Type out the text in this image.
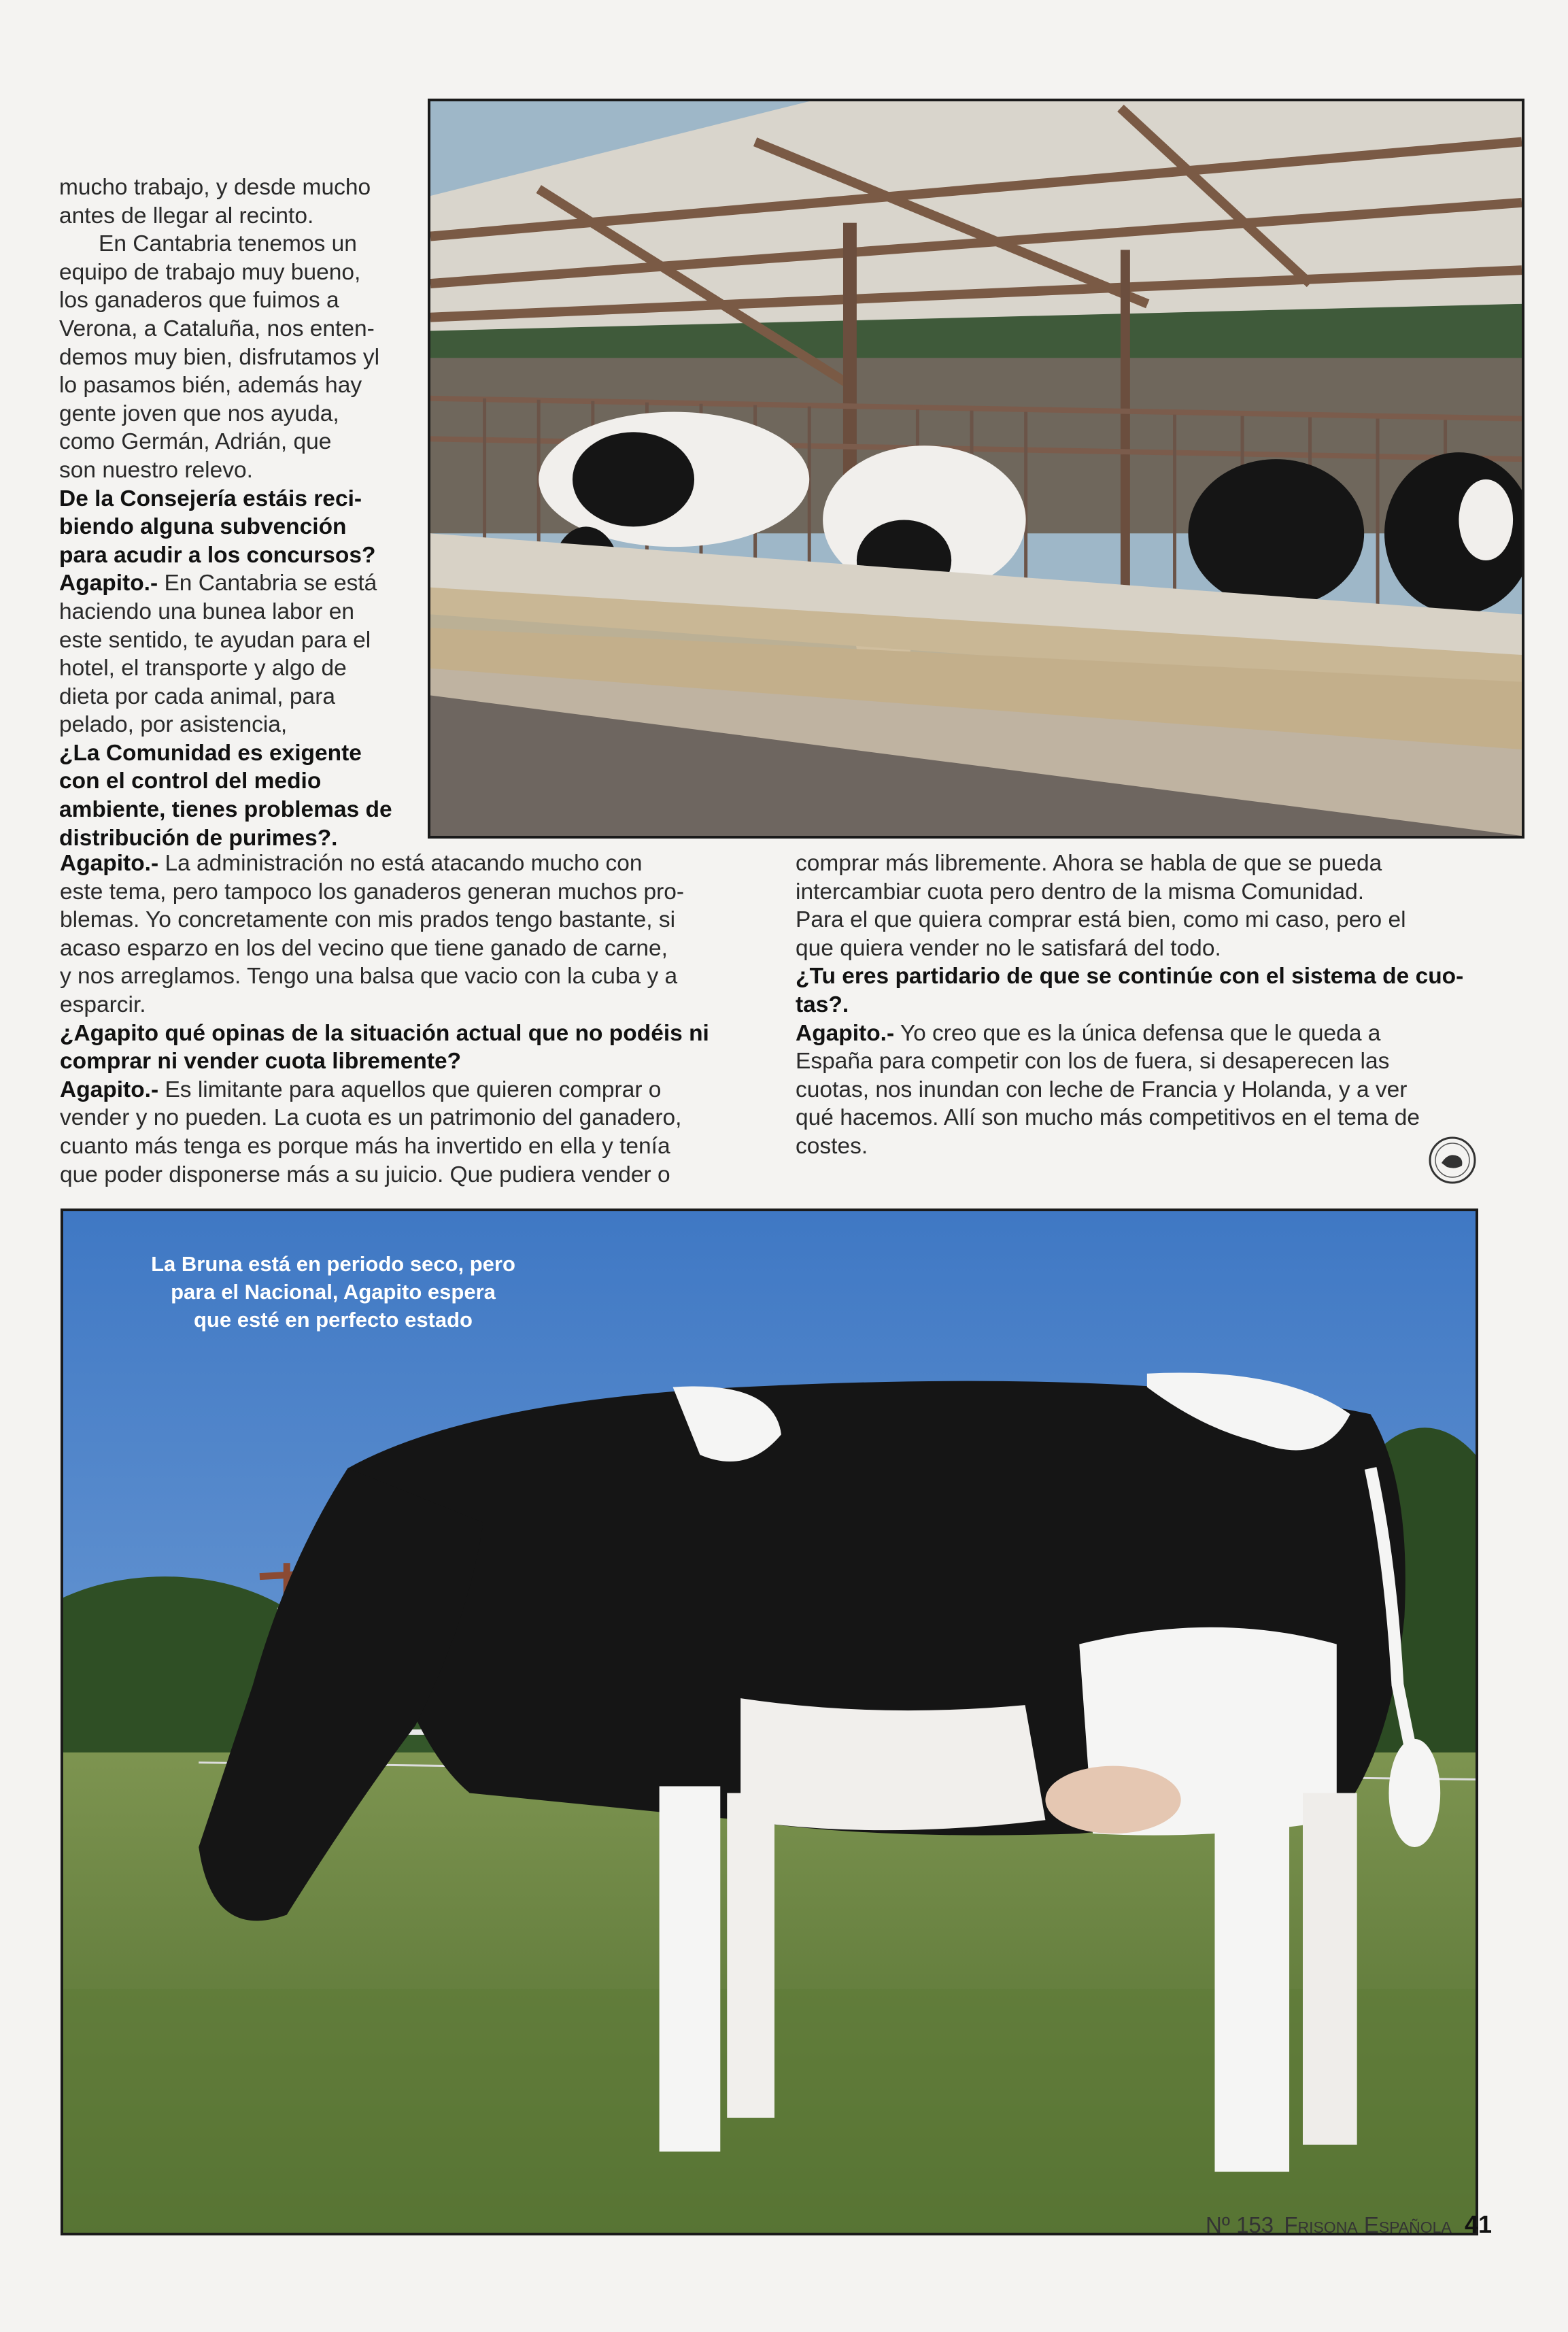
mucho trabajo, y desde mucho

antes de llegar al recinto.

En Cantabria tenemos un

equipo de trabajo muy bueno,

los ganaderos que fuimos a

Verona, a Cataluña, nos enten-

demos muy bien, disfrutamos yl

lo pasamos bién, además hay

gente joven que nos ayuda,

como Germán, Adrián, que

son nuestro relevo.

De la Consejería estáis reci-

biendo alguna subvención

para acudir a los concursos?

Agapito.- En Cantabria se está

haciendo una bunea labor en

este sentido, te ayudan para el

hotel, el transporte y algo de

dieta por cada animal, para

pelado, por asistencia,

¿La Comunidad es exigente

con el control del medio

ambiente, tienes problemas de

distribución de purimes?.

Agapito.- La administración no está atacando mucho con

este tema, pero tampoco los ganaderos generan muchos pro-

blemas. Yo concretamente con mis prados tengo bastante, si

acaso esparzo en los del vecino que tiene ganado de carne,

y nos arreglamos. Tengo una balsa que vacio con la cuba y a

esparcir.

¿Agapito qué opinas de la situación actual que no podéis ni

comprar ni vender cuota libremente?

Agapito.- Es limitante para aquellos que quieren comprar o

vender y no pueden. La cuota es un patrimonio del ganadero,

cuanto más tenga es porque más ha invertido en ella y tenía

que poder disponerse más a su juicio. Que pudiera vender o

comprar más libremente. Ahora se habla de que se pueda

intercambiar cuota pero dentro de la misma Comunidad.

Para el que quiera comprar está bien, como mi caso, pero el

que quiera vender no le satisfará del todo.

¿Tu eres partidario de que se continúe con el sistema de cuo-

tas?.

Agapito.- Yo creo que es la única defensa que le queda a

España para competir con los de fuera, si desaperecen las

cuotas, nos inundan con leche de Francia y Holanda, y a ver

qué hacemos. Allí son mucho más competitivos en el tema de

costes.

La Bruna está en periodo seco, pero
para el Nacional, Agapito espera
que esté en perfecto estado
Nº 153 Frisona Española 41
